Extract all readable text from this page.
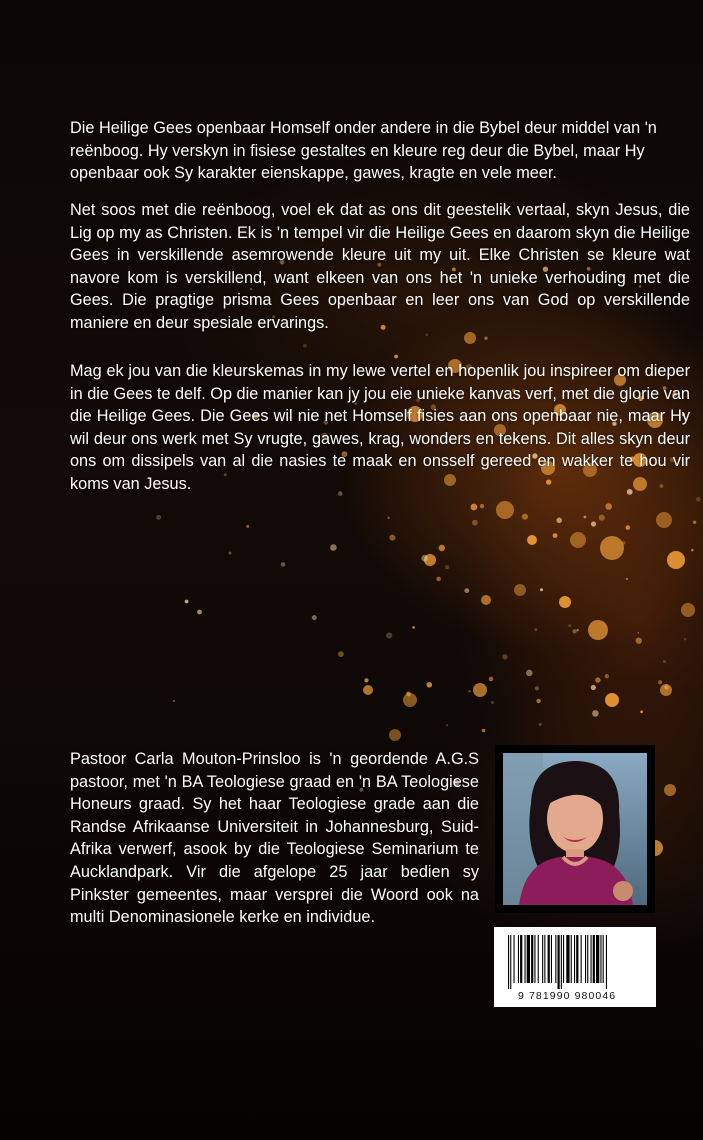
Die Heilige Gees openbaar Homself onder andere in die Bybel deur middel van 'n reënboog. Hy verskyn in fisiese gestaltes en kleure reg deur die Bybel, maar Hy openbaar ook Sy karakter eienskappe, gawes, kragte en vele meer.

Net soos met die reënboog, voel ek dat as ons dit geestelik vertaal, skyn Jesus, die Lig op my as Christen. Ek is 'n tempel vir die Heilige Gees en daarom skyn die Heilige Gees in verskillende asemrowende kleure uit my uit. Elke Christen se kleure wat navore kom is verskillend, want elkeen van ons het 'n unieke verhouding met die Gees. Die pragtige prisma Gees openbaar en leer ons van God op verskillende maniere en deur spesiale ervarings.

Mag ek jou van die kleurskemas in my lewe vertel en hopenlik jou inspireer om dieper in die Gees te delf. Op die manier kan jy jou eie unieke kanvas verf, met die glorie van die Heilige Gees. Die Gees wil nie net Homself fisies aan ons openbaar nie, maar Hy wil deur ons werk met Sy vrugte, gawes, krag, wonders en tekens. Dit alles skyn deur ons om dissipels van al die nasies te maak en onsself gereed en wakker te hou vir koms van Jesus.

Pastoor Carla Mouton-Prinsloo is 'n geordende A.G.S pastoor, met 'n BA Teologiese graad en 'n BA Teologiese Honeurs graad. Sy het haar Teologiese grade aan die Randse Afrikaanse Universiteit in Johannesburg, Suid-Afrika verwerf, asook by die Teologiese Seminarium te Aucklandpark. Vir die afgelope 25 jaar bedien sy Pinkster gemeentes, maar versprei die Woord ook na multi Denominasionele kerke en individue.

9 781990 980046
